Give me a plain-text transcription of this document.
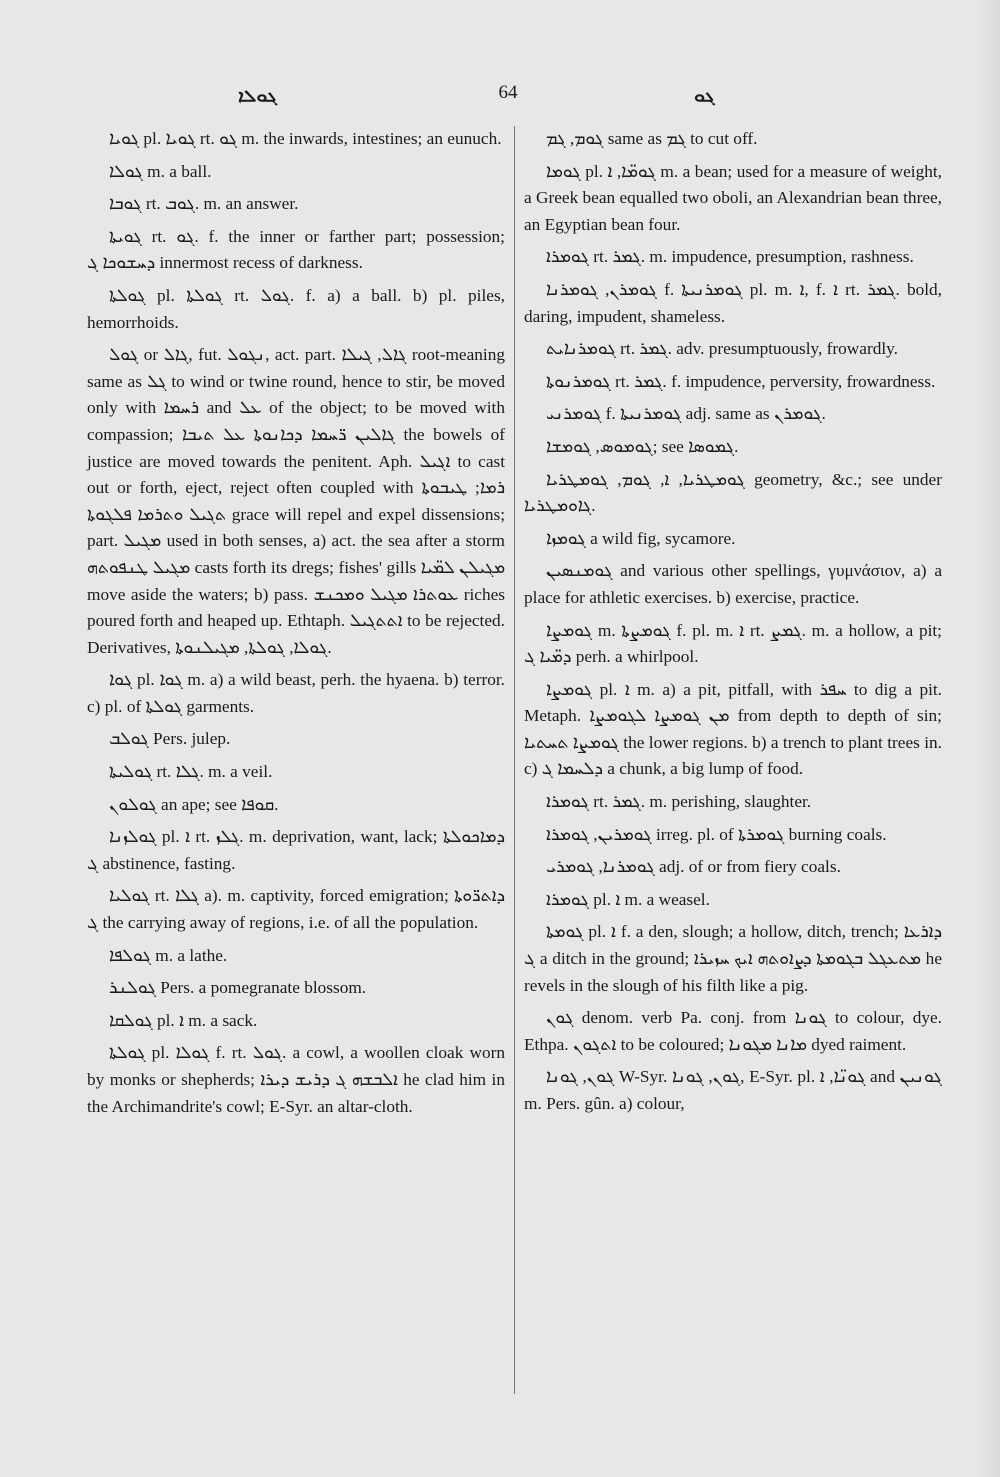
ܓܘܠܐ	64	ܓܘ

ܓܘܝܐ pl. ܓܘܝܐ rt. ܓܘ m. the inwards, intestines; an eunuch.

ܓܘܠܐ m. a ball.

ܓܘܒܐ rt. ܓܘܒ. m. an answer.

ܓܘܝܬܐ rt. ܓܘ. f. the inner or farther part; possession; ܕܚܫܘܟܐ ܓ innermost recess of darkness.

ܓܘܠܬܐ pl. ܓܘܠܬܐ rt. ܓܘܠ. f. a) a ball. b) pl. piles, hemorrhoids.

ܓܘܠ or ܓܐܠ, fut. ܢܓܘܠ, act. part. ܓܐܠ, ܓܝܠܐ root-meaning same as ܓܠ to wind or twine round, hence to stir, be moved only with ܪܚܡܐ and ܥܠ of the object; to be moved with compassion; ܓܐܠܝܢ ܪ̈ܚܡܐ ܕܟܐܢܘܬܐ ܥܠ ܬܝܒܐ the bowels of justice are moved towards the penitent. Aph. ܐܓܝܠ to cast out or forth, eject, reject often coupled with ܪܡܐ; ܛܝܒܘܬܐ ܬܓܝܠ ܘܬܪܡܐ ܦܠܓܘܬܐ grace will repel and expel dissensions; part. ܡܓܝܠ used in both senses, a) act. the sea after a storm ܡܓܝܠ ܛܢܦܘܬܗ casts forth its dregs; fishes' gills ܡܓܝܠܢ ܠܡ̈ܝܐ move aside the waters; b) pass. ܥܘܬܪܐ ܡܓܝܠ ܘܡܟܢܫ riches poured forth and heaped up. Ethtaph. ܐܬܬܓܝܠ to be rejected. Derivatives, ܓܘܠܐ, ܓܘܠܬܐ, ܡܓܝܠܢܘܬܐ.

ܓܘܐ pl. ܓܘܐ m. a) a wild beast, perh. the hyaena. b) terror. c) pl. of ܓܘܠܬܐ garments.

ܓܘܠܒ Pers. julep.

ܓܘܠܝܬܐ rt. ܓܠܐ. m. a veil.

ܓܘܠܘܢ an ape; see ܩܘܦܐ.

ܓܘܠܙܢܐ pl. ܐ rt. ܓܠܙ. m. deprivation, want, lack; ܕܡܐܟܘܠܬܐ ܓ abstinence, fasting.

ܓܘܠܝܐ rt. ܓܠܐ a). m. captivity, forced emigration; ܕܐܬܪ̈ܘܬܐ ܓ the carrying away of regions, i.e. of all the population.

ܓܘܠܦܐ m. a lathe.

ܓܘܠܢܪ Pers. a pomegranate blossom.

ܓܘܠܩܐ pl. ܐ m. a sack.

ܓܘܠܬܐ pl. ܓܘܠܐ f. rt. ܓܘܠ. a cowl, a woollen cloak worn by monks or shepherds; ܐܠܒܫܗ ܓ ܕܪܝܫ ܕܝܪܐ he clad him in the Archimandrite's cowl; E-Syr. an altar-cloth.

ܓܘܡ, ܓܡ same as ܓܡ to cut off.

ܓܘܡܐ pl. ܓܘܡ̈ܐ, ܐ m. a bean; used for a measure of weight, a Greek bean equalled two oboli, an Alexandrian bean three, an Egyptian bean four.

ܓܘܡܪܐ rt. ܓܡܪ. m. impudence, presumption, rashness.

ܓܘܡܪܢ, ܓܘܡܪܢܐ f. ܓܘܡܪܢܝܬܐ pl. m. ܐ, f. ܐ rt. ܓܡܪ. bold, daring, impudent, shameless.

ܓܘܡܪܢܐܝܬ rt. ܓܡܪ. adv. presumptuously, frowardly.

ܓܘܡܪܢܘܬܐ rt. ܓܡܪ. f. impudence, perversity, frowardness.

ܓܘܡܪܢܝ f. ܓܘܡܪܢܝܬܐ adj. same as ܓܘܡܪܢ.

ܓܘܡܘܣ, ܓܘܡܫܐ; see ܓܡܘܣܐ.

ܓܘܡܛܪܝܐ, ܐ, ܓܘܡ, ܓܘܡܛܪܝܐ geometry, &c.; see under ܓܐܘܡܛܪܝܐ.

ܓܘܡܙܐ a wild fig, sycamore.

ܓܘܡܢܣܝܢ and various other spellings, γυμνάσιον, a) a place for athletic exercises. b) exercise, practice.

ܓܘܡܨܐ m. ܓܘܡܨܬܐ f. pl. m. ܐ rt. ܓܡܨ. m. a hollow, a pit; ܕܡ̈ܝܐ ܓ perh. a whirlpool.

ܓܘܡܨܐ pl. ܐ m. a) a pit, pitfall, with ܚܦܪ to dig a pit. Metaph. ܡܢ ܓܘܡܨܐ ܠܓܘܡܨܐ from depth to depth of sin; ܓܘܡܨܐ ܬܚܬܝܐ the lower regions. b) a trench to plant trees in. c) ܕܠܚܡܐ ܓ a chunk, a big lump of food.

ܓܘܡܪܐ rt. ܓܡܪ. m. perishing, slaughter.

ܓܘܡܪܝܢ, ܓܘܡܪܐ irreg. pl. of ܓܘܡܪܬܐ burning coals.

ܓܘܡܪܢܐ, ܓܘܡܪܝ adj. of or from fiery coals.

ܓܘܡܪܐ pl. ܐ m. a weasel.

ܓܘܡܬܐ pl. ܐ f. a den, slough; a hollow, ditch, trench; ܕܐܪܥܐ ܓ a ditch in the ground; ܡܬܥܓܠ ܒܓܘܡܬܐ ܕܨܐܘܬܗ ܐܝܟ ܚܙܝܪܐ he revels in the slough of his filth like a pig.

ܓܘܢ denom. verb Pa. conj. from ܓܘܢܐ to colour, dye. Ethpa. ܐܬܓܘܢ to be coloured; ܡܐܢܐ ܡܓܘܢܐ dyed raiment.

ܓܘܢ, ܓܘܢܐ W-Syr. ܓܘܢ, ܓܘܢܐ, E-Syr. pl. ܓܘܢ̈ܐ, ܐ and ܓܘܢܝܢ m. Pers. gûn. a) colour,
